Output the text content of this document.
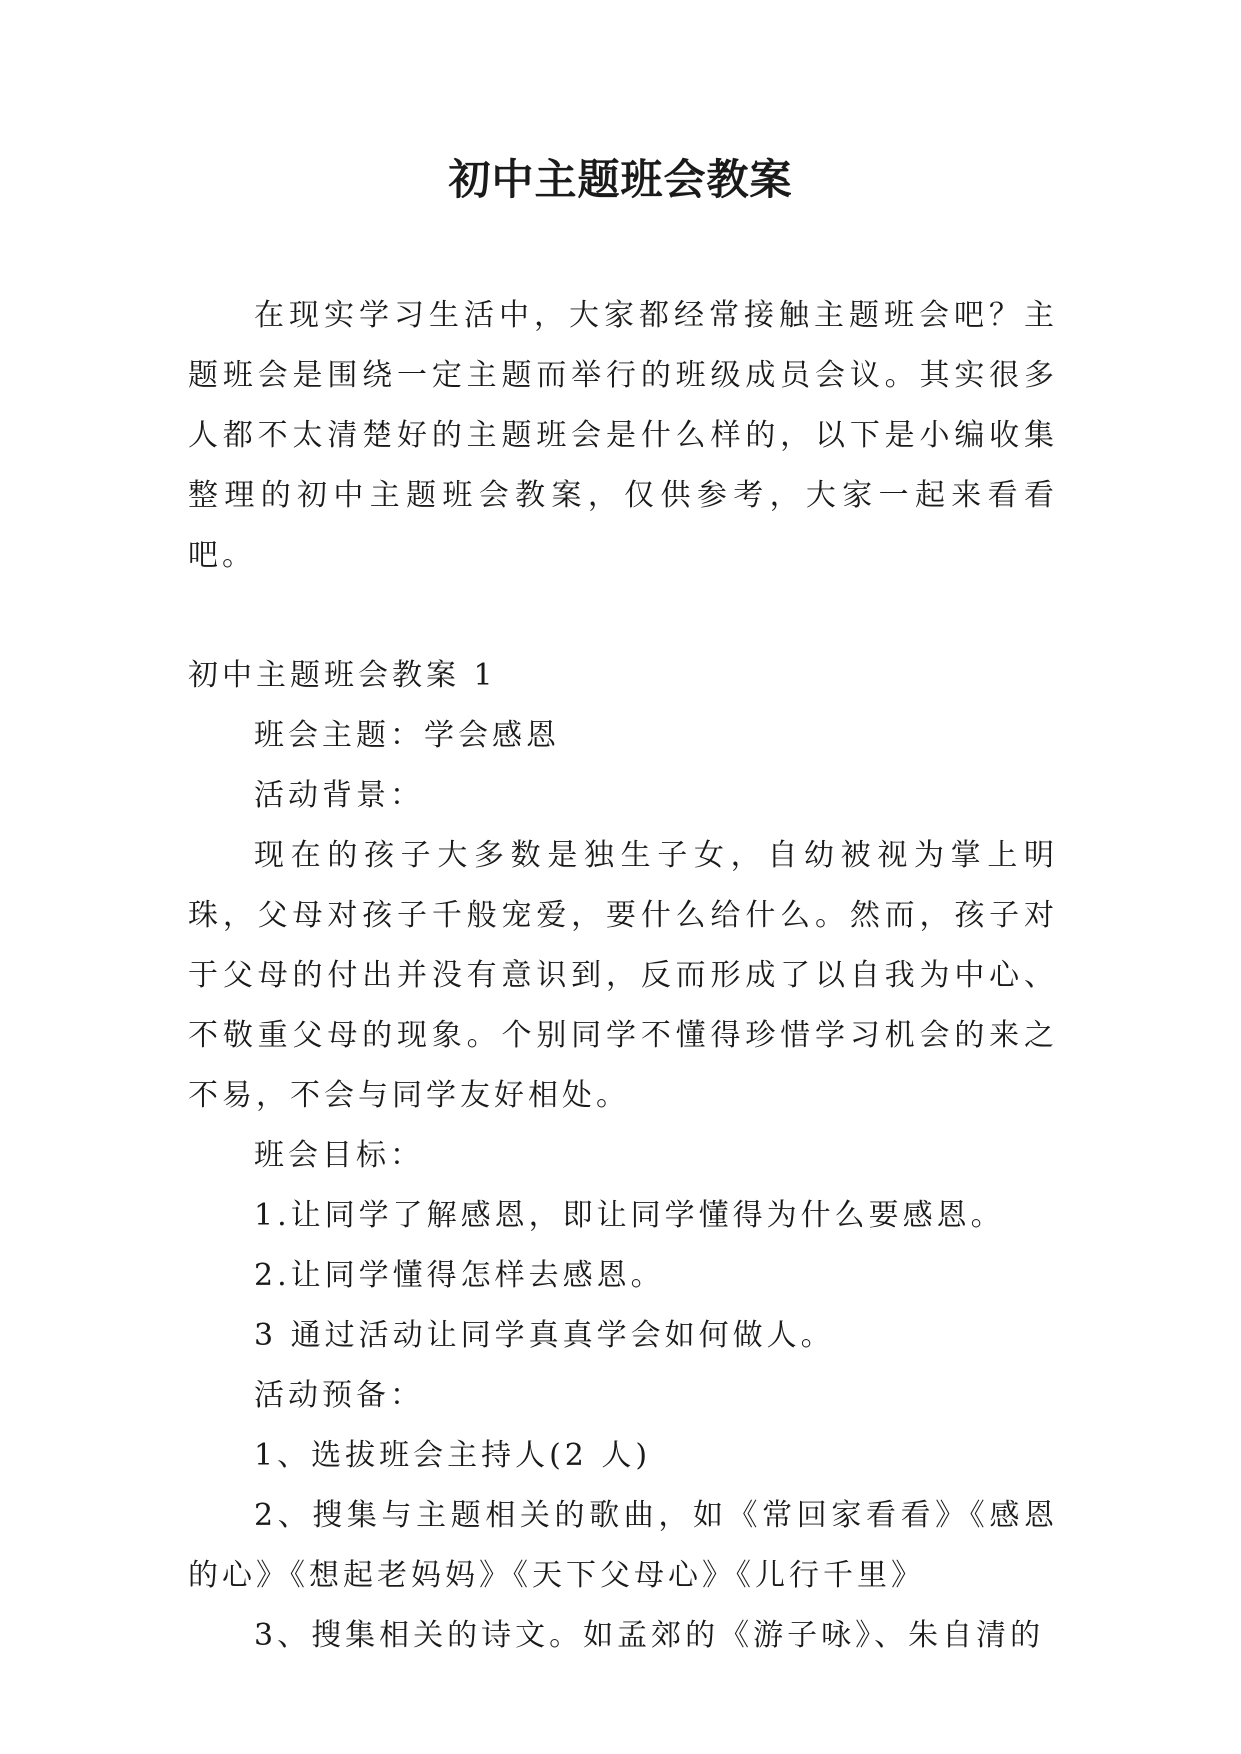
初中主题班会教案

在现实学习生活中，大家都经常接触主题班会吧？主题班会是围绕一定主题而举行的班级成员会议。其实很多人都不太清楚好的主题班会是什么样的，以下是小编收集整理的初中主题班会教案，仅供参考，大家一起来看看吧。

初中主题班会教案 1

班会主题：学会感恩

活动背景：

现在的孩子大多数是独生子女，自幼被视为掌上明珠，父母对孩子千般宠爱，要什么给什么。然而，孩子对于父母的付出并没有意识到，反而形成了以自我为中心、不敬重父母的现象。个别同学不懂得珍惜学习机会的来之不易，不会与同学友好相处。

班会目标：

1.让同学了解感恩，即让同学懂得为什么要感恩。

2.让同学懂得怎样去感恩。

3 通过活动让同学真真学会如何做人。

活动预备：

1、选拔班会主持人(2 人)

2、搜集与主题相关的歌曲，如《常回家看看》《感恩的心》《想起老妈妈》《天下父母心》《儿行千里》

3、搜集相关的诗文。如孟郊的《游子咏》、朱自清的
